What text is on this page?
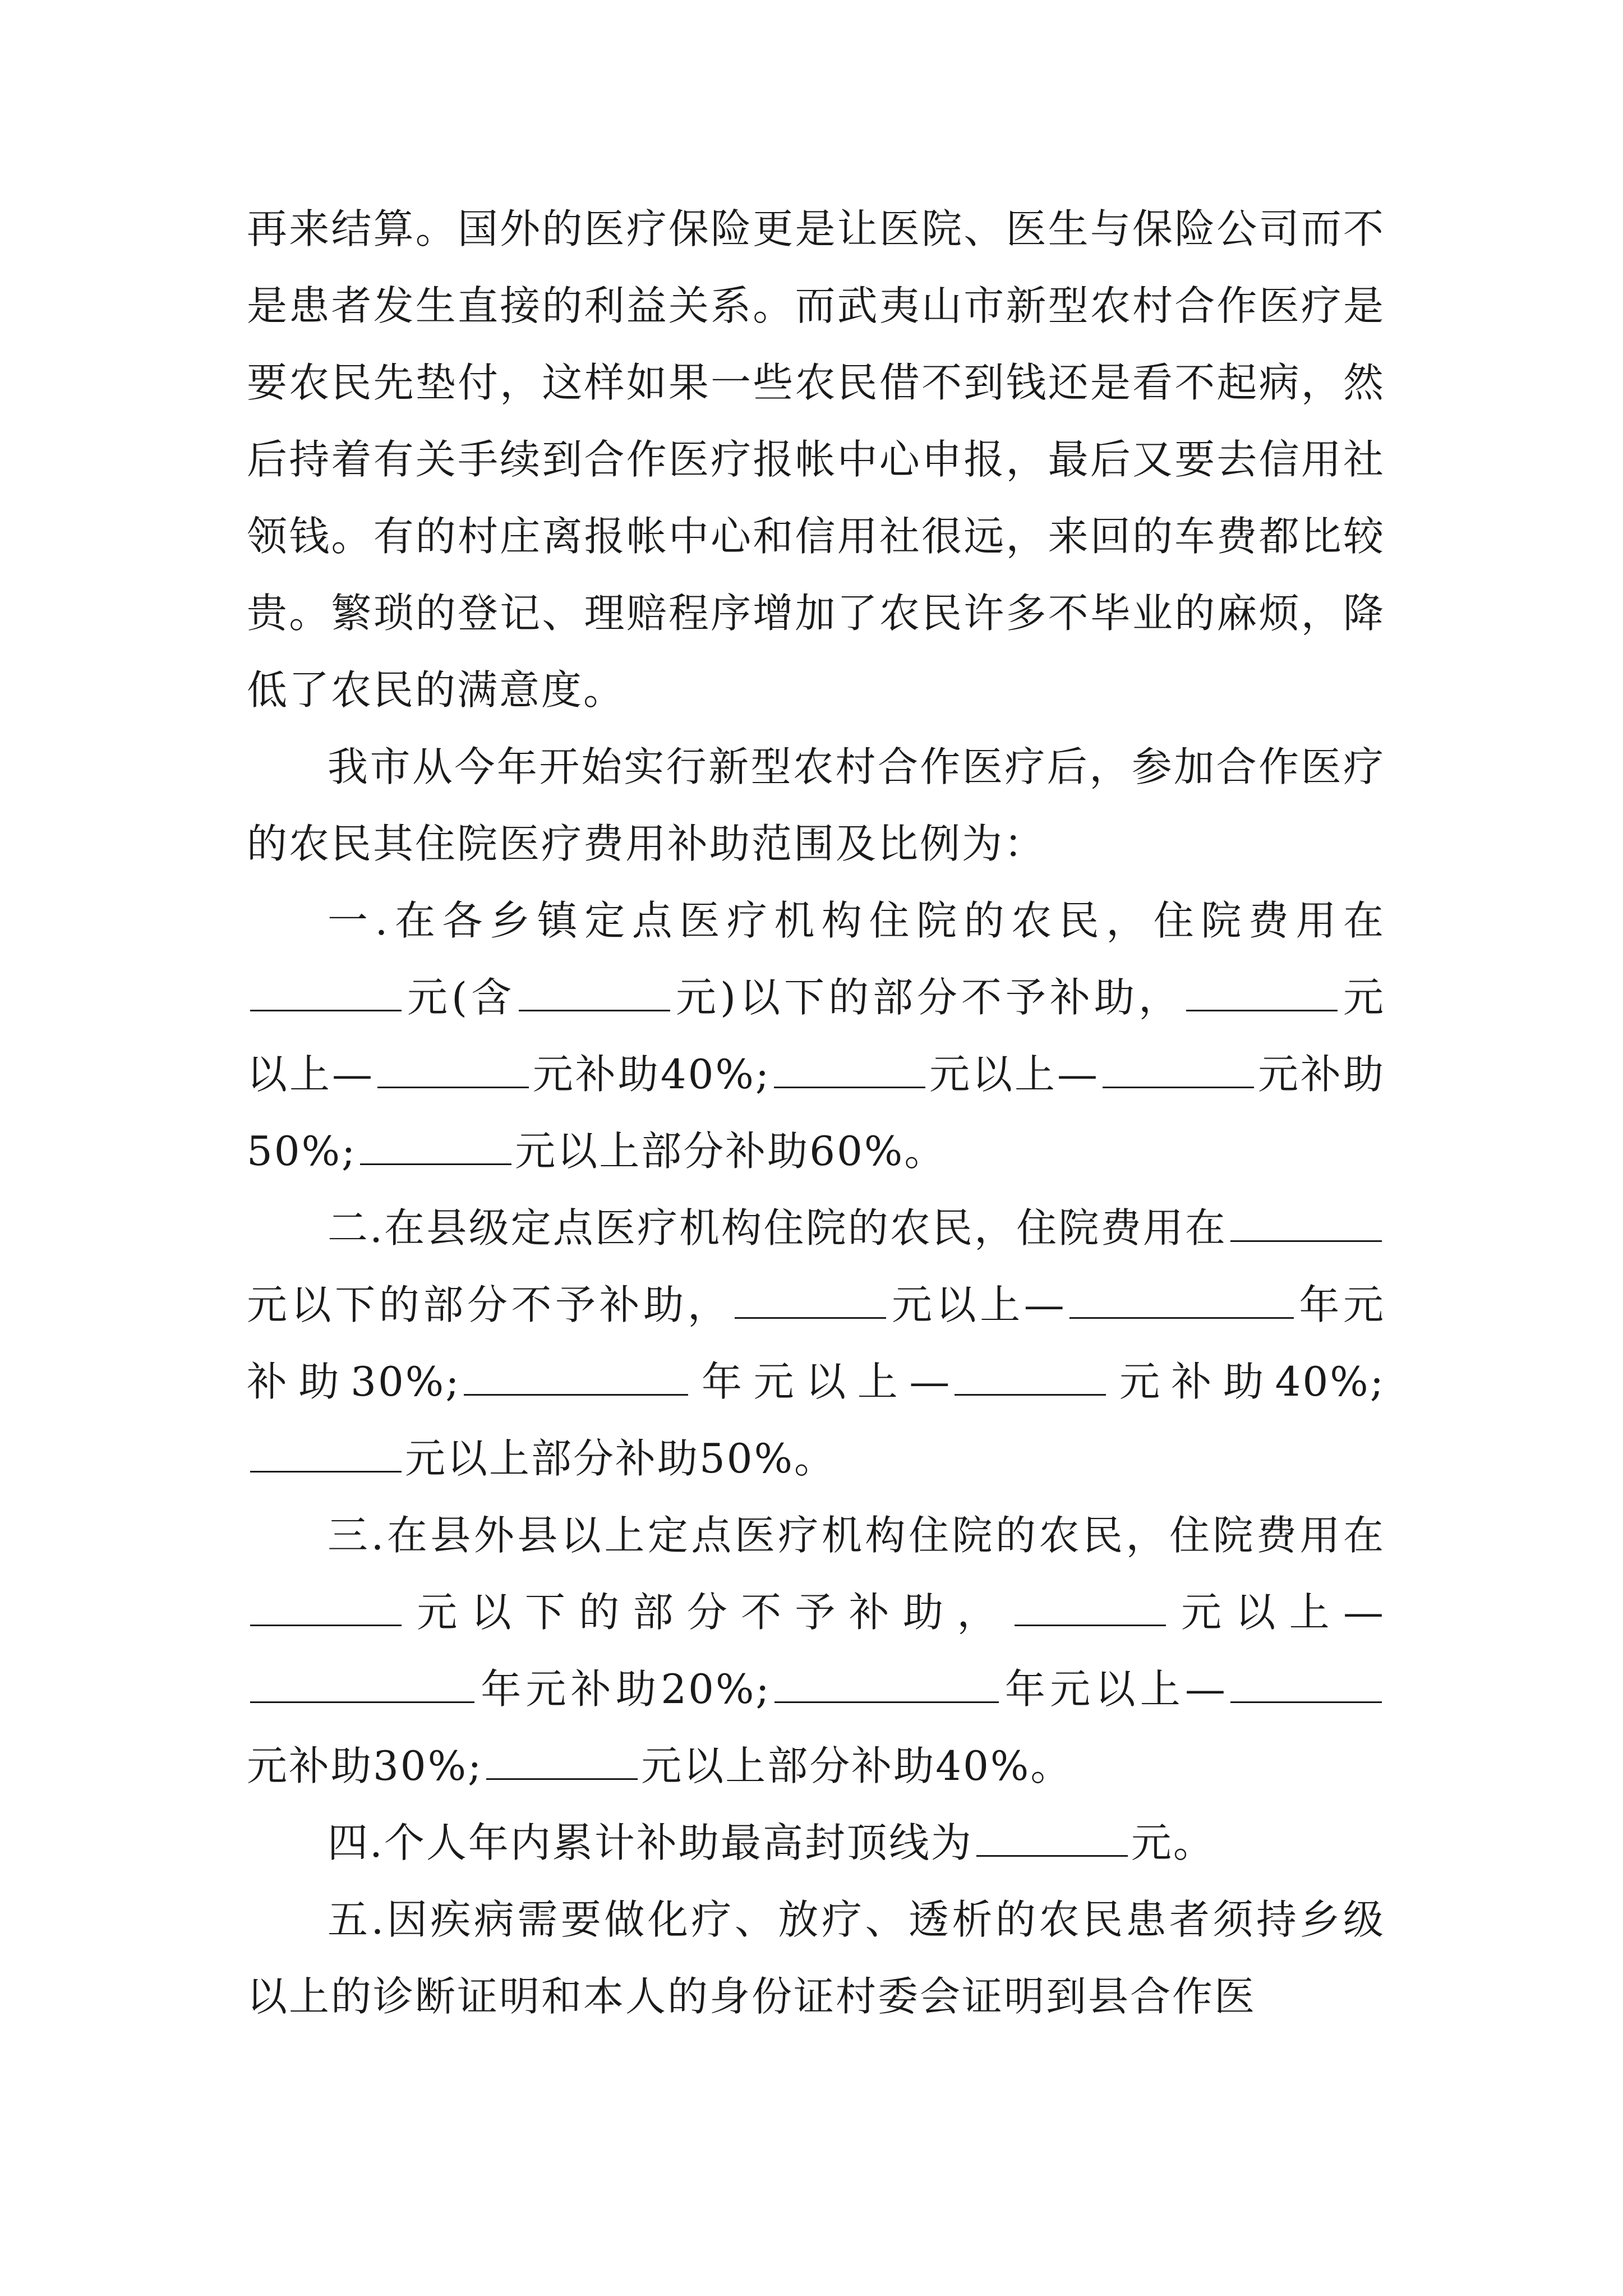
再来结算。国外的医疗保险更是让医院、医生与保险公司而不是患者发生直接的利益关系。而武夷山市新型农村合作医疗是要农民先垫付，这样如果一些农民借不到钱还是看不起病，然后持着有关手续到合作医疗报帐中心申报，最后又要去信用社领钱。有的村庄离报帐中心和信用社很远，来回的车费都比较贵。繁琐的登记、理赔程序增加了农民许多不毕业的麻烦，降低了农民的满意度。

我市从今年开始实行新型农村合作医疗后，参加合作医疗的农民其住院医疗费用补助范围及比例为：

一.在各乡镇定点医疗机构住院的农民，住院费用在元(含	元)以下的部分不予补助，	元以上—	元补助40%;	元以上—	元补助50%;	元以上部分补助60%。

二.在县级定点医疗机构住院的农民，住院费用在元以下的部分不予补助，	元以上—	年元补助30%;	年元以上—	元补助40%;元以上部分补助50%。

三.在县外县以上定点医疗机构住院的农民，住院费用在元以下的部分不予补助，	元以上—年元补助20%;	年元以上—元补助30%;	元以上部分补助40%。

四.个人年内累计补助最高封顶线为	元。

五.因疾病需要做化疗、放疗、透析的农民患者须持乡级以上的诊断证明和本人的身份证村委会证明到县合作医
